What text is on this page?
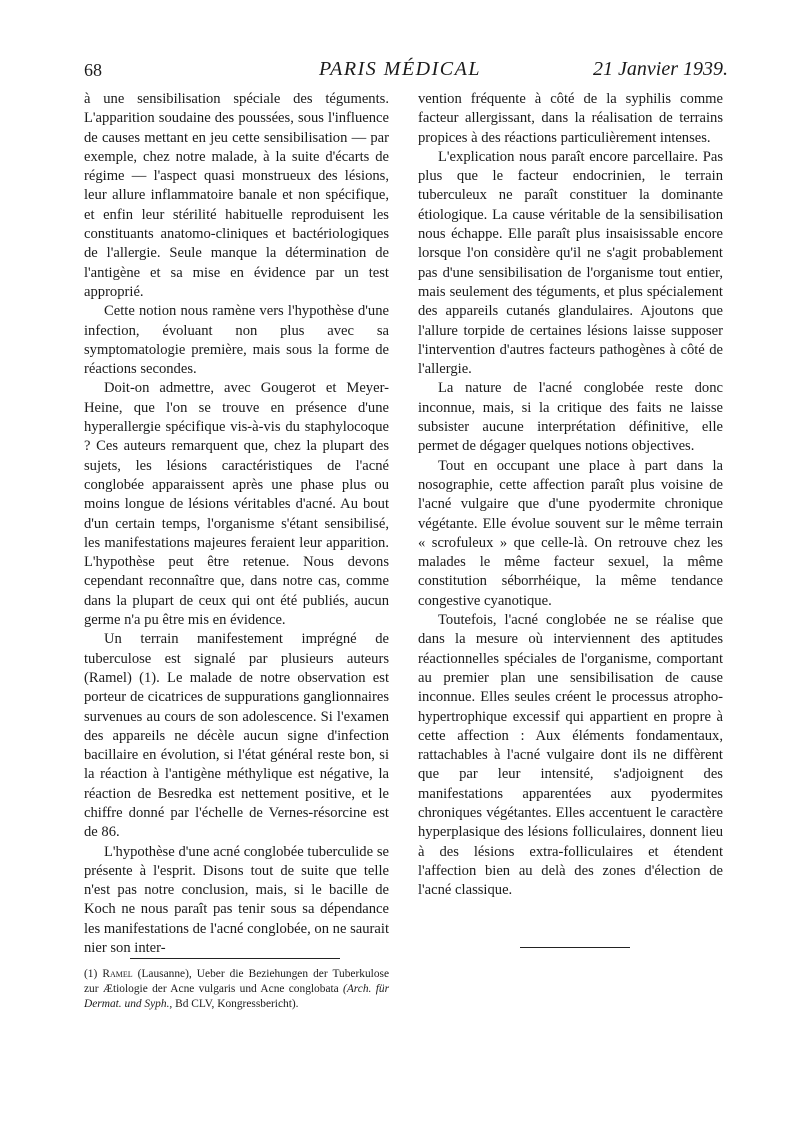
68	PARIS MÉDICAL	21 Janvier 1939.

à une sensibilisation spéciale des téguments. L'apparition soudaine des poussées, sous l'influence de causes mettant en jeu cette sensibilisation — par exemple, chez notre malade, à la suite d'écarts de régime — l'aspect quasi monstrueux des lésions, leur allure inflammatoire banale et non spécifique, et enfin leur stérilité habituelle reproduisent les constituants anatomo-cliniques et bactériologiques de l'allergie. Seule manque la détermination de l'antigène et sa mise en évidence par un test approprié.

Cette notion nous ramène vers l'hypothèse d'une infection, évoluant non plus avec sa symptomatologie première, mais sous la forme de réactions secondes.

Doit-on admettre, avec Gougerot et Meyer-Heine, que l'on se trouve en présence d'une hyperallergie spécifique vis-à-vis du staphylocoque ? Ces auteurs remarquent que, chez la plupart des sujets, les lésions caractéristiques de l'acné conglobée apparaissent après une phase plus ou moins longue de lésions véritables d'acné. Au bout d'un certain temps, l'organisme s'étant sensibilisé, les manifestations majeures feraient leur apparition. L'hypothèse peut être retenue. Nous devons cependant reconnaître que, dans notre cas, comme dans la plupart de ceux qui ont été publiés, aucun germe n'a pu être mis en évidence.

Un terrain manifestement imprégné de tuberculose est signalé par plusieurs auteurs (Ramel) (1). Le malade de notre observation est porteur de cicatrices de suppurations ganglionnaires survenues au cours de son adolescence. Si l'examen des appareils ne décèle aucun signe d'infection bacillaire en évolution, si l'état général reste bon, si la réaction à l'antigène méthylique est négative, la réaction de Besredka est nettement positive, et le chiffre donné par l'échelle de Vernes-résorcine est de 86.

L'hypothèse d'une acné conglobée tuberculide se présente à l'esprit. Disons tout de suite que telle n'est pas notre conclusion, mais, si le bacille de Koch ne nous paraît pas tenir sous sa dépendance les manifestations de l'acné conglobée, on ne saurait nier son inter-

vention fréquente à côté de la syphilis comme facteur allergissant, dans la réalisation de terrains propices à des réactions particulièrement intenses.

L'explication nous paraît encore parcellaire. Pas plus que le facteur endocrinien, le terrain tuberculeux ne paraît constituer la dominante étiologique. La cause véritable de la sensibilisation nous échappe. Elle paraît plus insaisissable encore lorsque l'on considère qu'il ne s'agit probablement pas d'une sensibilisation de l'organisme tout entier, mais seulement des téguments, et plus spécialement des appareils cutanés glandulaires. Ajoutons que l'allure torpide de certaines lésions laisse supposer l'intervention d'autres facteurs pathogènes à côté de l'allergie.

La nature de l'acné conglobée reste donc inconnue, mais, si la critique des faits ne laisse subsister aucune interprétation définitive, elle permet de dégager quelques notions objectives.

Tout en occupant une place à part dans la nosographie, cette affection paraît plus voisine de l'acné vulgaire que d'une pyodermite chronique végétante. Elle évolue souvent sur le même terrain « scrofuleux » que celle-là. On retrouve chez les malades le même facteur sexuel, la même constitution séborrhéique, la même tendance congestive cyanotique.

Toutefois, l'acné conglobée ne se réalise que dans la mesure où interviennent des aptitudes réactionnelles spéciales de l'organisme, comportant au premier plan une sensibilisation de cause inconnue. Elles seules créent le processus atropho-hypertrophique excessif qui appartient en propre à cette affection : Aux éléments fondamentaux, rattachables à l'acné vulgaire dont ils ne diffèrent que par leur intensité, s'adjoignent des manifestations apparentées aux pyodermites chroniques végétantes. Elles accentuent le caractère hyperplasique des lésions folliculaires, donnent lieu à des lésions extra-folliculaires et étendent l'affection bien au delà des zones d'élection de l'acné classique.

(1) Ramel (Lausanne), Ueber die Beziehungen der Tuberkulose zur Ætiologie der Acne vulgaris und Acne conglobata (Arch. für Dermat. und Syph., Bd CLV, Kongressbericht).
